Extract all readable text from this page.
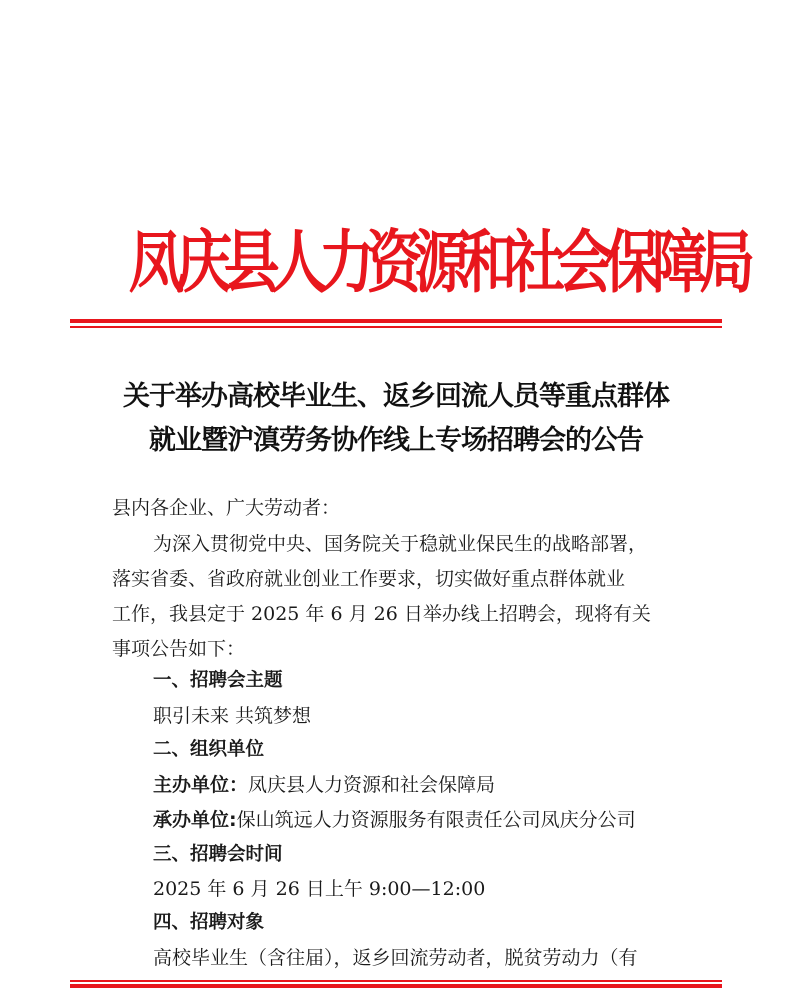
凤庆县人力资源和社会保障局
关于举办高校毕业生、返乡回流人员等重点群体
就业暨沪滇劳务协作线上专场招聘会的公告

县内各企业、广大劳动者：

为深入贯彻党中央、国务院关于稳就业保民生的战略部署，

落实省委、省政府就业创业工作要求，切实做好重点群体就业

工作，我县定于 2025 年 6 月 26 日举办线上招聘会，现将有关

事项公告如下：

一、招聘会主题

职引未来 共筑梦想

二、组织单位

主办单位：凤庆县人力资源和社会保障局

承办单位:保山筑远人力资源服务有限责任公司凤庆分公司

三、招聘会时间

2025 年 6 月 26 日上午 9:00—12:00

四、招聘对象

高校毕业生（含往届），返乡回流劳动者，脱贫劳动力（有
